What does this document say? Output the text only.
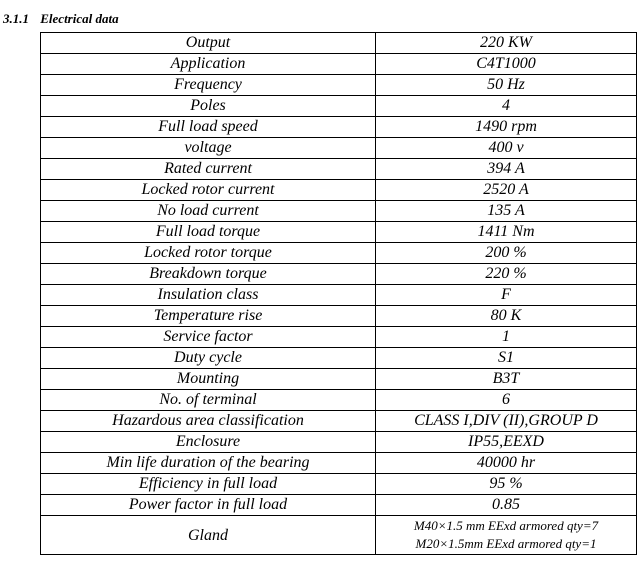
3.1.1 Electrical data
Output	220 KW
Application	C4T1000
Frequency	50 Hz
Poles	4
Full load speed	1490 rpm
voltage	400 v
Rated current	394 A
Locked rotor current	2520 A
No load current	135 A
Full load torque	1411 Nm
Locked rotor torque	200 %
Breakdown torque	220 %
Insulation class	F
Temperature rise	80 K
Service factor	1
Duty cycle	S1
Mounting	B3T
No. of terminal	6
Hazardous area classification	CLASS I,DIV (II),GROUP D
Enclosure	IP55,EEXD
Min life duration of the bearing	40000 hr
Efficiency in full load	95 %
Power factor in full load	0.85
Gland	M40×1.5 mm EExd armored qty=7
M20×1.5mm EExd armored qty=1
